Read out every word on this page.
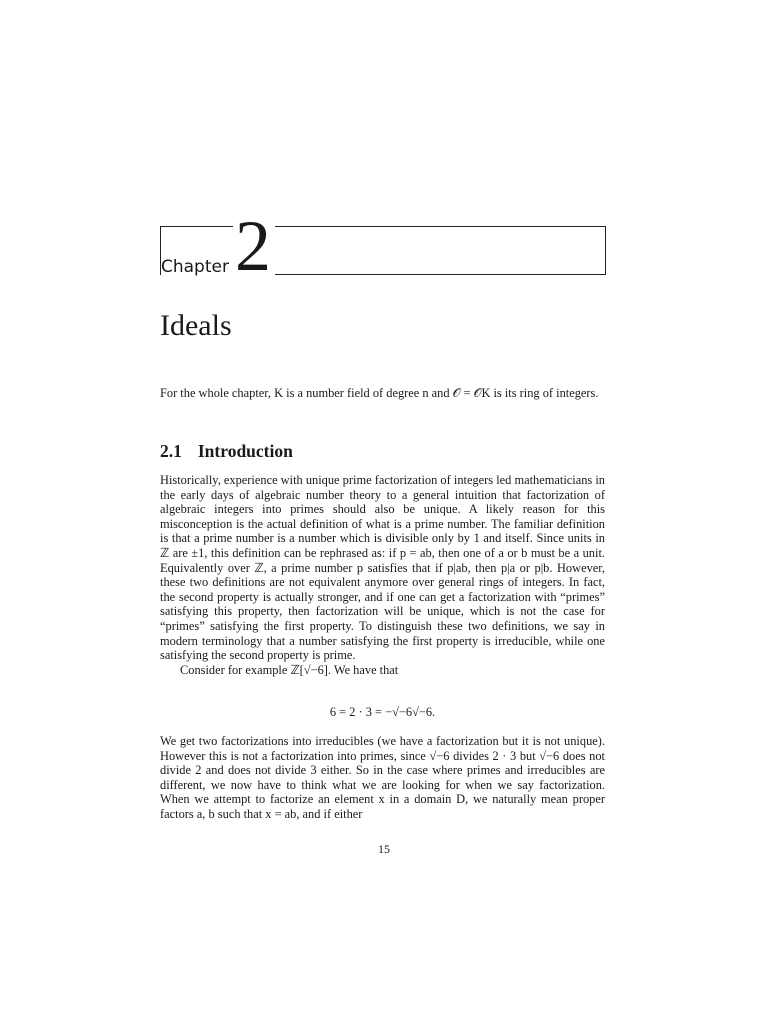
Chapter 2
Ideals

For the whole chapter, K is a number field of degree n and 𝒪 = 𝒪K is its ring of integers.

2.1 Introduction

Historically, experience with unique prime factorization of integers led mathematicians in the early days of algebraic number theory to a general intuition that factorization of algebraic integers into primes should also be unique. A likely reason for this misconception is the actual definition of what is a prime number. The familiar definition is that a prime number is a number which is divisible only by 1 and itself. Since units in ℤ are ±1, this definition can be rephrased as: if p = ab, then one of a or b must be a unit. Equivalently over ℤ, a prime number p satisfies that if p|ab, then p|a or p|b. However, these two definitions are not equivalent anymore over general rings of integers. In fact, the second property is actually stronger, and if one can get a factorization with “primes” satisfying this property, then factorization will be unique, which is not the case for “primes” satisfying the first property. To distinguish these two definitions, we say in modern terminology that a number satisfying the first property is irreducible, while one satisfying the second property is prime.

Consider for example ℤ[√−6]. We have that

6 = 2 · 3 = −√−6√−6.

We get two factorizations into irreducibles (we have a factorization but it is not unique). However this is not a factorization into primes, since √−6 divides 2 · 3 but √−6 does not divide 2 and does not divide 3 either. So in the case where primes and irreducibles are different, we now have to think what we are looking for when we say factorization. When we attempt to factorize an element x in a domain D, we naturally mean proper factors a, b such that x = ab, and if either

15
